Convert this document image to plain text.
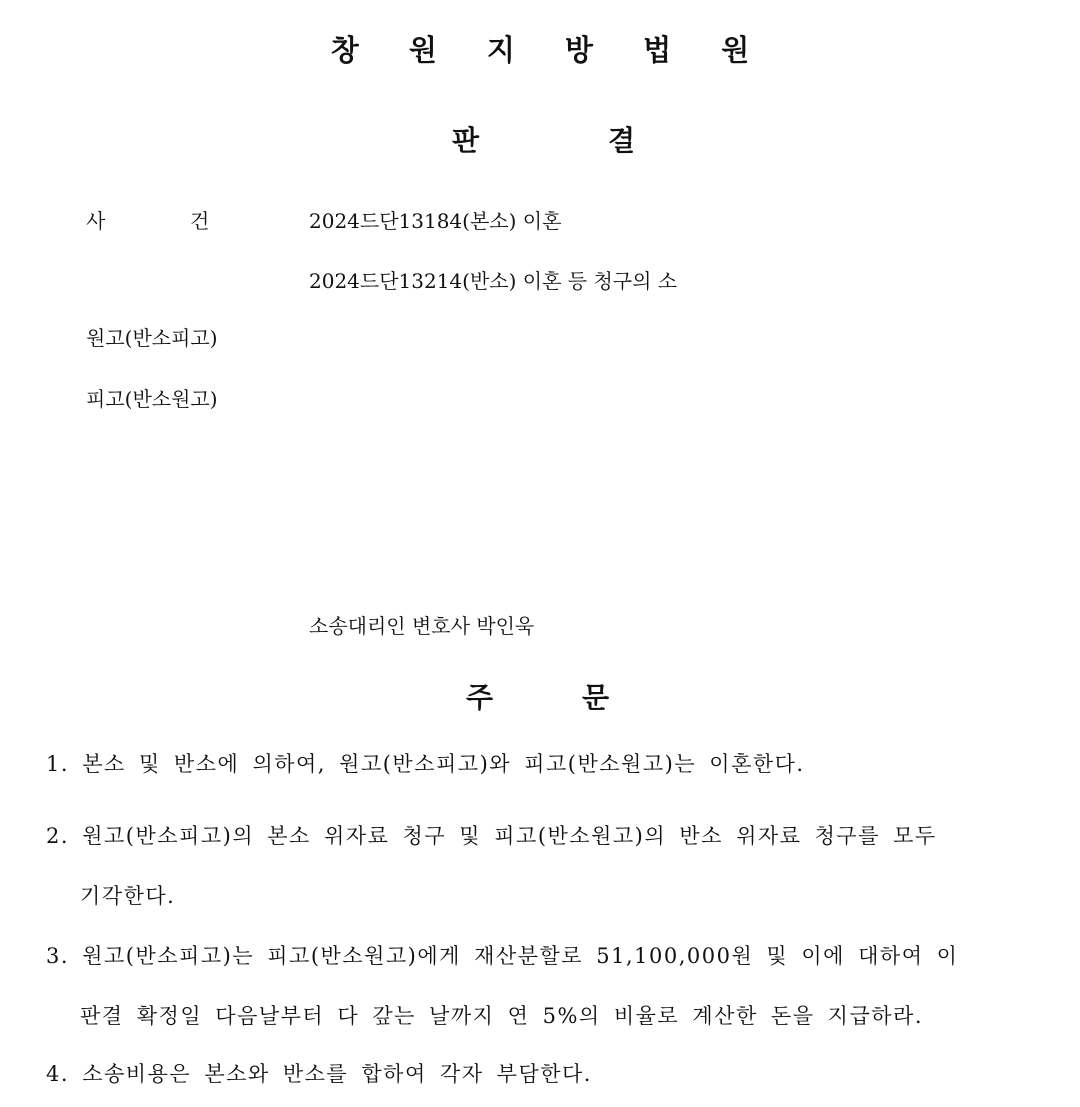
창 원 지 방 법 원
판	결
사	건	2024드단13184(본소) 이혼
2024드단13214(반소) 이혼 등 청구의 소
원고(반소피고)
피고(반소원고)
소송대리인 변호사 박인욱
주	문
1. 본소 및 반소에 의하여, 원고(반소피고)와 피고(반소원고)는 이혼한다.
2. 원고(반소피고)의 본소 위자료 청구 및 피고(반소원고)의 반소 위자료 청구를 모두
기각한다.
3. 원고(반소피고)는 피고(반소원고)에게 재산분할로 51,100,000원 및 이에 대하여 이
판결 확정일 다음날부터 다 갚는 날까지 연 5%의 비율로 계산한 돈을 지급하라.
4. 소송비용은 본소와 반소를 합하여 각자 부담한다.
